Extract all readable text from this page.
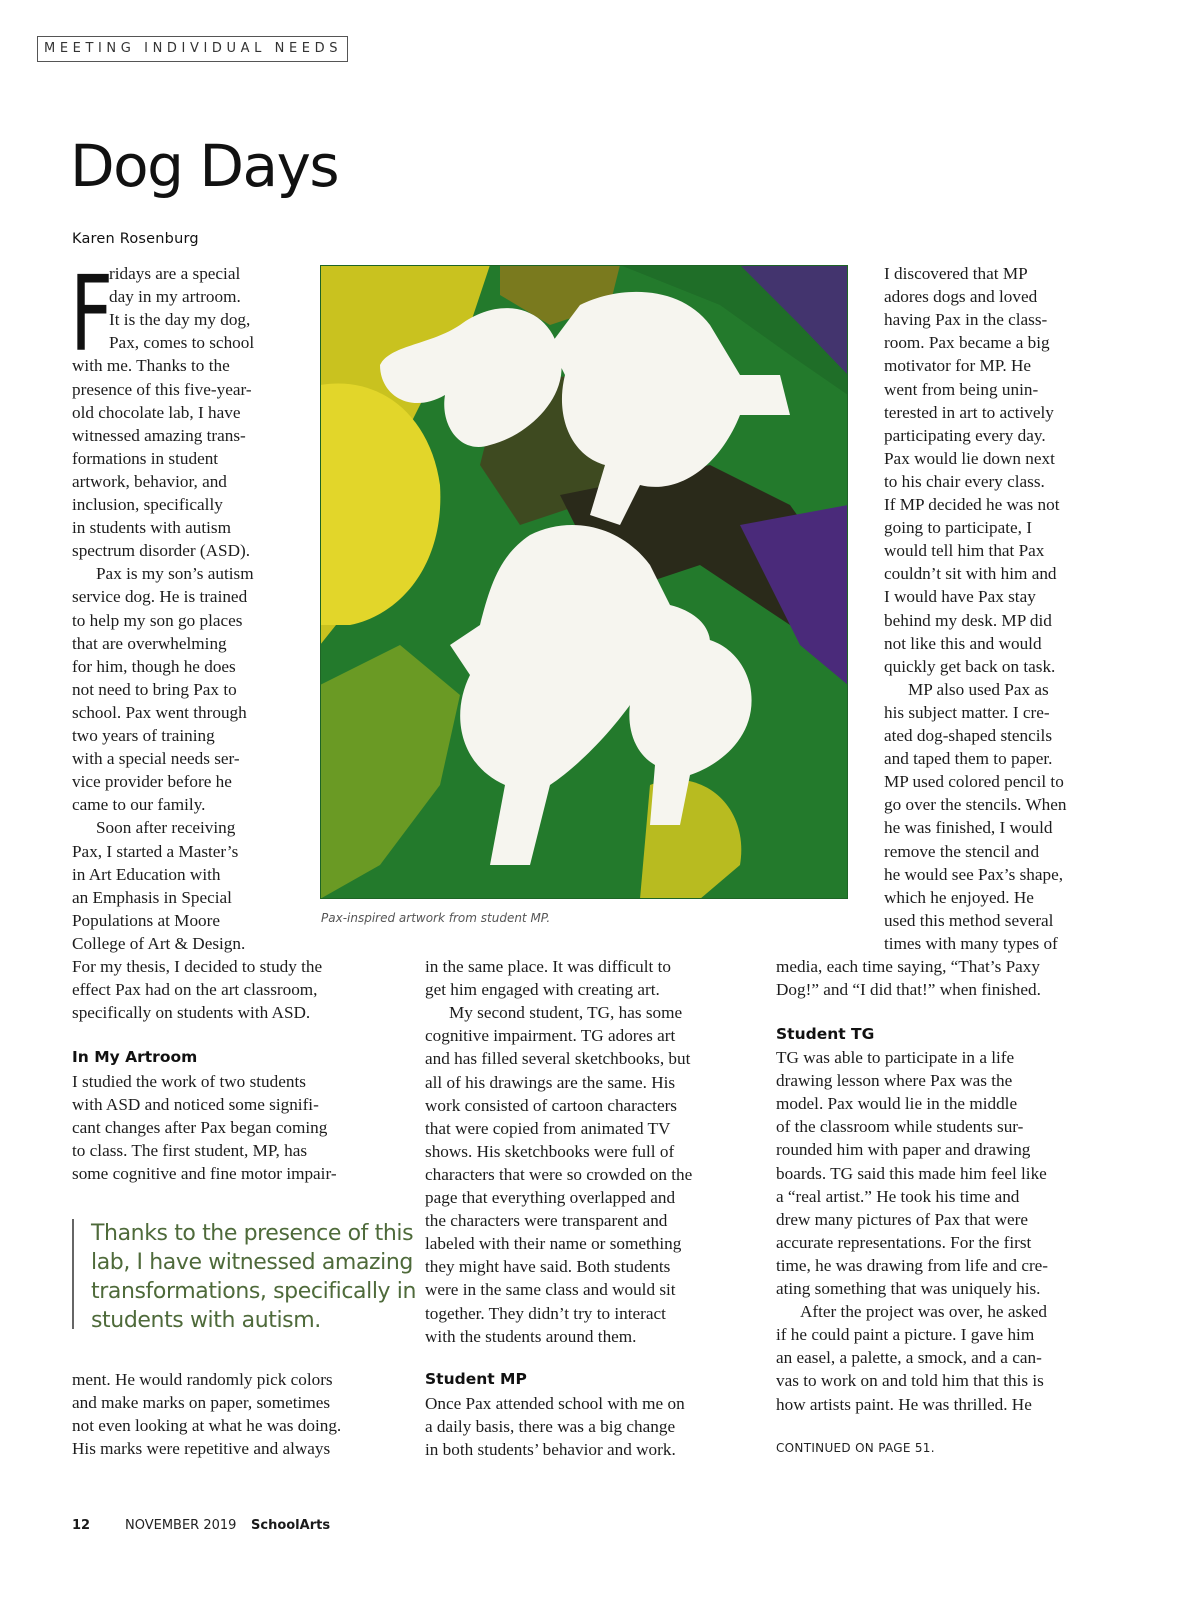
MEETING INDIVIDUAL NEEDS
Dog Days
Karen Rosenburg
F
ridays are a special
day in my artroom.
It is the day my dog,
Pax, comes to school
with me. Thanks to the
presence of this five-year-
old chocolate lab, I have
witnessed amazing trans-
formations in student
artwork, behavior, and
inclusion, specifically
in students with autism
spectrum disorder (ASD).
Pax is my son’s autism
service dog. He is trained
to help my son go places
that are overwhelming
for him, though he does
not need to bring Pax to
school. Pax went through
two years of training
with a special needs ser-
vice provider before he
came to our family.
Soon after receiving
Pax, I started a Master’s
in Art Education with
an Emphasis in Special
Populations at Moore
College of Art & Design.
For my thesis, I decided to study the
effect Pax had on the art classroom,
specifically on students with ASD.
In My Artroom
I studied the work of two students
with ASD and noticed some signifi-
cant changes after Pax began coming
to class. The first student, MP, has
some cognitive and fine motor impair-
Thanks to the presence of this
lab, I have witnessed amazing
transformations, specifically in
students with autism.
ment. He would randomly pick colors
and make marks on paper, sometimes
not even looking at what he was doing.
His marks were repetitive and always
in the same place. It was difficult to
get him engaged with creating art.
My second student, TG, has some
cognitive impairment. TG adores art
and has filled several sketchbooks, but
all of his drawings are the same. His
work consisted of cartoon characters
that were copied from animated TV
shows. His sketchbooks were full of
characters that were so crowded on the
page that everything overlapped and
the characters were transparent and
labeled with their name or something
they might have said. Both students
were in the same class and would sit
together. They didn’t try to interact
with the students around them.
Student MP
Once Pax attended school with me on
a daily basis, there was a big change
in both students’ behavior and work.
I discovered that MP
adores dogs and loved
having Pax in the class-
room. Pax became a big
motivator for MP. He
went from being unin-
terested in art to actively
participating every day.
Pax would lie down next
to his chair every class.
If MP decided he was not
going to participate, I
would tell him that Pax
couldn’t sit with him and
I would have Pax stay
behind my desk. MP did
not like this and would
quickly get back on task.
MP also used Pax as
his subject matter. I cre-
ated dog-shaped stencils
and taped them to paper.
MP used colored pencil to
go over the stencils. When
he was finished, I would
remove the stencil and
he would see Pax’s shape,
which he enjoyed. He
used this method several
times with many types of
media, each time saying, “That’s Paxy
Dog!” and “I did that!” when finished.
Student TG
TG was able to participate in a life
drawing lesson where Pax was the
model. Pax would lie in the middle
of the classroom while students sur-
rounded him with paper and drawing
boards. TG said this made him feel like
a “real artist.” He took his time and
drew many pictures of Pax that were
accurate representations. For the first
time, he was drawing from life and cre-
ating something that was uniquely his.
After the project was over, he asked
if he could paint a picture. I gave him
an easel, a palette, a smock, and a can-
vas to work on and told him that this is
how artists paint. He was thrilled. He
CONTINUED ON PAGE 51.
Pax-inspired artwork from student MP.
12	NOVEMBER 2019 SchoolArts
